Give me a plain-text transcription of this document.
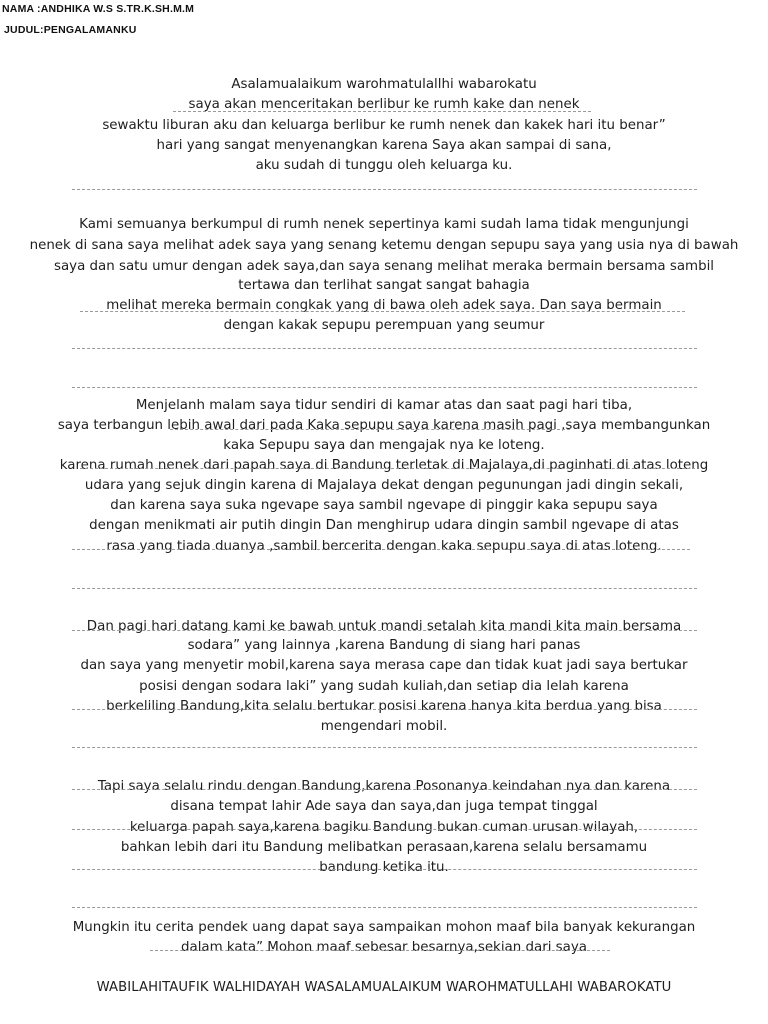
NAMA :ANDHIKA W.S S.TR.K.SH.M.M
JUDUL:PENGALAMANKU
Asalamualaikum warohmatulallhi wabarokatu
saya akan menceritakan berlibur ke rumh kake dan nenek
sewaktu liburan aku dan keluarga berlibur ke rumh nenek dan kakek hari itu benar”
hari yang sangat menyenangkan karena Saya akan sampai di sana,
aku sudah di tunggu oleh keluarga ku.
Kami semuanya berkumpul di rumh nenek sepertinya kami sudah lama tidak mengunjungi
nenek di sana saya melihat adek saya yang senang ketemu dengan sepupu saya yang usia nya di bawah
saya dan satu umur dengan adek saya,dan saya senang melihat meraka bermain bersama sambil
tertawa dan terlihat sangat sangat bahagia
melihat mereka bermain congkak yang di bawa oleh adek saya. Dan saya bermain
dengan kakak sepupu perempuan yang seumur
Menjelanh malam saya tidur sendiri di kamar atas dan saat pagi hari tiba,
saya terbangun lebih awal dari pada Kaka sepupu saya karena masih pagi ,saya membangunkan
kaka Sepupu saya dan mengajak nya ke loteng.
karena rumah nenek dari papah saya di Bandung terletak di Majalaya,di paginhati di atas loteng
udara yang sejuk dingin karena di Majalaya dekat dengan pegunungan jadi dingin sekali,
dan karena saya suka ngevape saya sambil ngevape di pinggir kaka sepupu saya
dengan menikmati air putih dingin Dan menghirup udara dingin sambil ngevape di atas
rasa yang tiada duanya ,sambil bercerita dengan kaka sepupu saya di atas loteng.
Dan pagi hari datang kami ke bawah untuk mandi setalah kita mandi kita main bersama
sodara” yang lainnya ,karena Bandung di siang hari panas
dan saya yang menyetir mobil,karena saya merasa cape dan tidak kuat jadi saya bertukar
posisi dengan sodara laki” yang sudah kuliah,dan setiap dia lelah karena
berkeliling Bandung,kita selalu bertukar posisi karena hanya kita berdua yang bisa
mengendari mobil.
Tapi saya selalu rindu dengan Bandung,karena Posonanya keindahan nya dan karena
disana tempat lahir Ade saya dan saya,dan juga tempat tinggal
keluarga papah saya,karena bagiku Bandung bukan cuman urusan wilayah,
bahkan lebih dari itu Bandung melibatkan perasaan,karena selalu bersamamu
bandung ketika itu.
Mungkin itu cerita pendek uang dapat saya sampaikan mohon maaf bila banyak kekurangan
dalam kata” Mohon maaf sebesar besarnya,sekian dari saya
WABILAHITAUFIK WALHIDAYAH WASALAMUALAIKUM WAROHMATULLAHI WABAROKATU
